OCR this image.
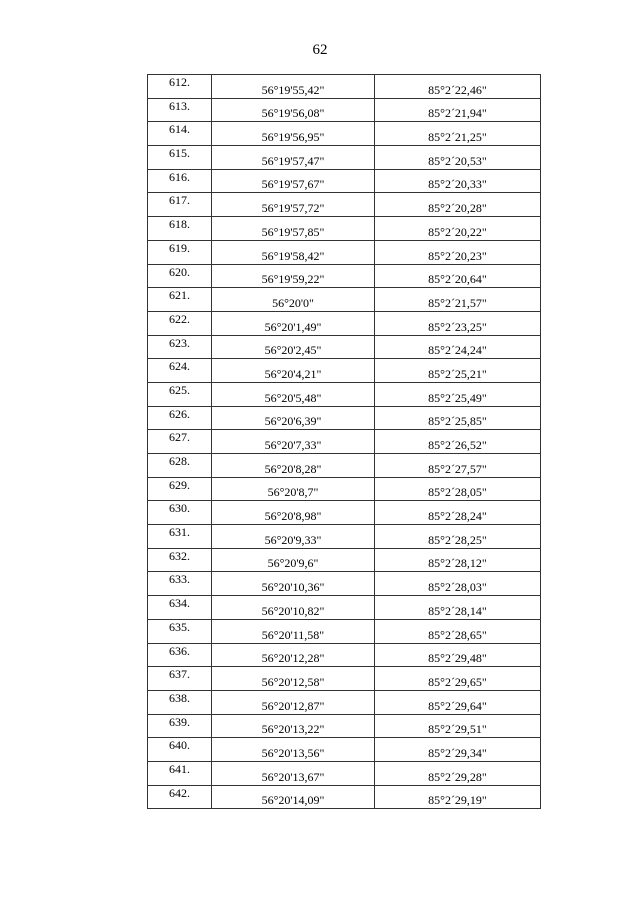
62
612.	56°19'55,42"	85°2´22,46"
613.	56°19'56,08"	85°2´21,94"
614.	56°19'56,95"	85°2´21,25"
615.	56°19'57,47"	85°2´20,53"
616.	56°19'57,67"	85°2´20,33"
617.	56°19'57,72"	85°2´20,28"
618.	56°19'57,85"	85°2´20,22"
619.	56°19'58,42"	85°2´20,23"
620.	56°19'59,22"	85°2´20,64"
621.	56°20'0"	85°2´21,57"
622.	56°20'1,49"	85°2´23,25"
623.	56°20'2,45"	85°2´24,24"
624.	56°20'4,21"	85°2´25,21"
625.	56°20'5,48"	85°2´25,49"
626.	56°20'6,39"	85°2´25,85"
627.	56°20'7,33"	85°2´26,52"
628.	56°20'8,28"	85°2´27,57"
629.	56°20'8,7"	85°2´28,05"
630.	56°20'8,98"	85°2´28,24"
631.	56°20'9,33"	85°2´28,25"
632.	56°20'9,6"	85°2´28,12"
633.	56°20'10,36"	85°2´28,03"
634.	56°20'10,82"	85°2´28,14"
635.	56°20'11,58"	85°2´28,65"
636.	56°20'12,28"	85°2´29,48"
637.	56°20'12,58"	85°2´29,65"
638.	56°20'12,87"	85°2´29,64"
639.	56°20'13,22"	85°2´29,51"
640.	56°20'13,56"	85°2´29,34"
641.	56°20'13,67"	85°2´29,28"
642.	56°20'14,09"	85°2´29,19"
